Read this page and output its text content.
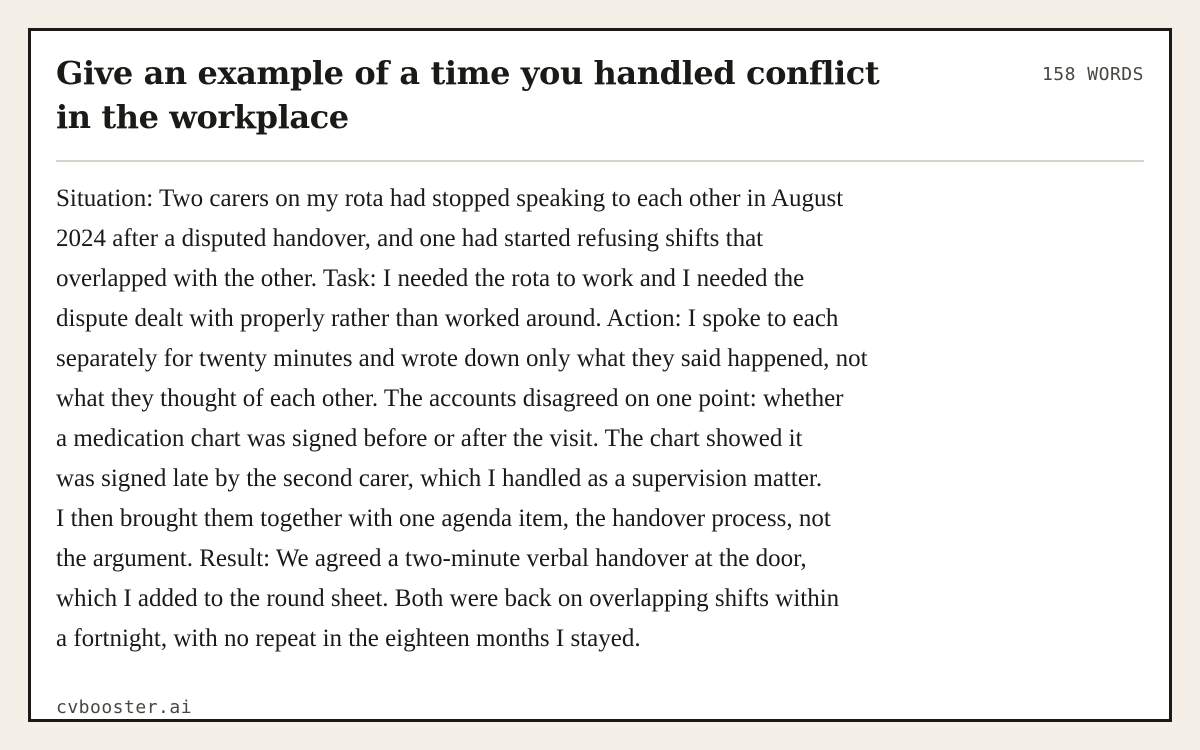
Give an example of a time you handled conflict
in the workplace
158 WORDS
Situation: Two carers on my rota had stopped speaking to each other in August
2024 after a disputed handover, and one had started refusing shifts that
overlapped with the other. Task: I needed the rota to work and I needed the
dispute dealt with properly rather than worked around. Action: I spoke to each
separately for twenty minutes and wrote down only what they said happened, not
what they thought of each other. The accounts disagreed on one point: whether
a medication chart was signed before or after the visit. The chart showed it
was signed late by the second carer, which I handled as a supervision matter.
I then brought them together with one agenda item, the handover process, not
the argument. Result: We agreed a two-minute verbal handover at the door,
which I added to the round sheet. Both were back on overlapping shifts within
a fortnight, with no repeat in the eighteen months I stayed.
cvbooster.ai
